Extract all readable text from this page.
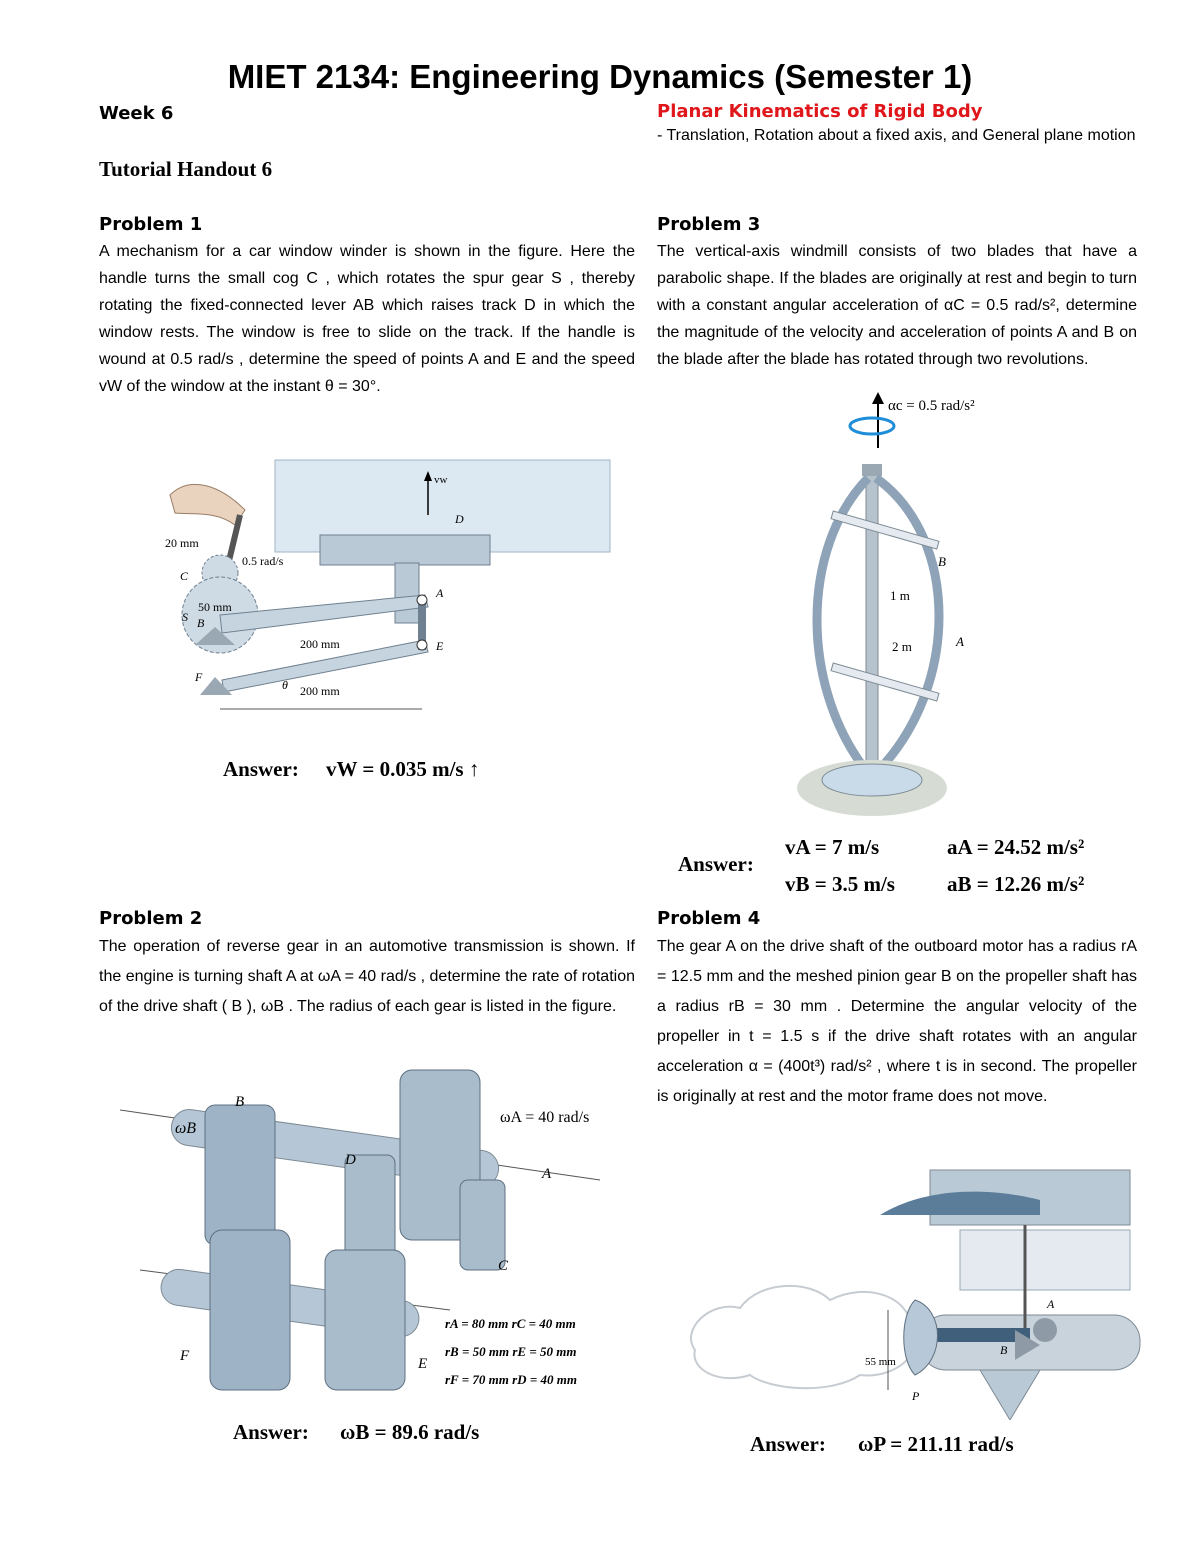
MIET 2134: Engineering Dynamics (Semester 1)
Week 6	Planar Kinematics of Rigid Body
- Translation, Rotation about a fixed axis, and General plane motion
Tutorial Handout 6
Problem 1
A mechanism for a car window winder is shown in the figure. Here the handle turns the small cog C , which rotates the spur gear S , thereby rotating the fixed-connected lever AB which raises track D in which the window rests. The window is free to slide on the track. If the handle is wound at 0.5 rad/s , determine the speed of points A and E and the speed vW of the window at the instant θ = 30°.
vw
D
20 mm
0.5 rad/s
50 mm
C
S B
A
E
F
θ
200 mm
200 mm
Answer: vW = 0.035 m/s ↑
Problem 3
The vertical-axis windmill consists of two blades that have a parabolic shape. If the blades are originally at rest and begin to turn with a constant angular acceleration of αC = 0.5 rad/s², determine the magnitude of the velocity and acceleration of points A and B on the blade after the blade has rotated through two revolutions.
αc = 0.5 rad/s²
1 m
2 m
B
A
Answer:
vA = 7 m/s	aA = 24.52 m/s²
vB = 3.5 m/s aB = 12.26 m/s²
Problem 2
The operation of reverse gear in an automotive transmission is shown. If the engine is turning shaft A at ωA = 40 rad/s , determine the rate of rotation of the drive shaft ( B ), ωB . The radius of each gear is listed in the figure.
ωA = 40 rad/s
ωB
B
D
A
C
F	E
rA = 80 mm rC = 40 mm
rB = 50 mm rE = 50 mm
rF = 70 mm rD = 40 mm
Answer: ωB = 89.6 rad/s
Problem 4
The gear A on the drive shaft of the outboard motor has a radius rA = 12.5 mm and the meshed pinion gear B on the propeller shaft has a radius rB = 30 mm . Determine the angular velocity of the propeller in t = 1.5 s if the drive shaft rotates with an angular acceleration α = (400t³) rad/s² , where t is in second. The propeller is originally at rest and the motor frame does not move.
55 mm
A
B
P
Answer: ωP = 211.11 rad/s
